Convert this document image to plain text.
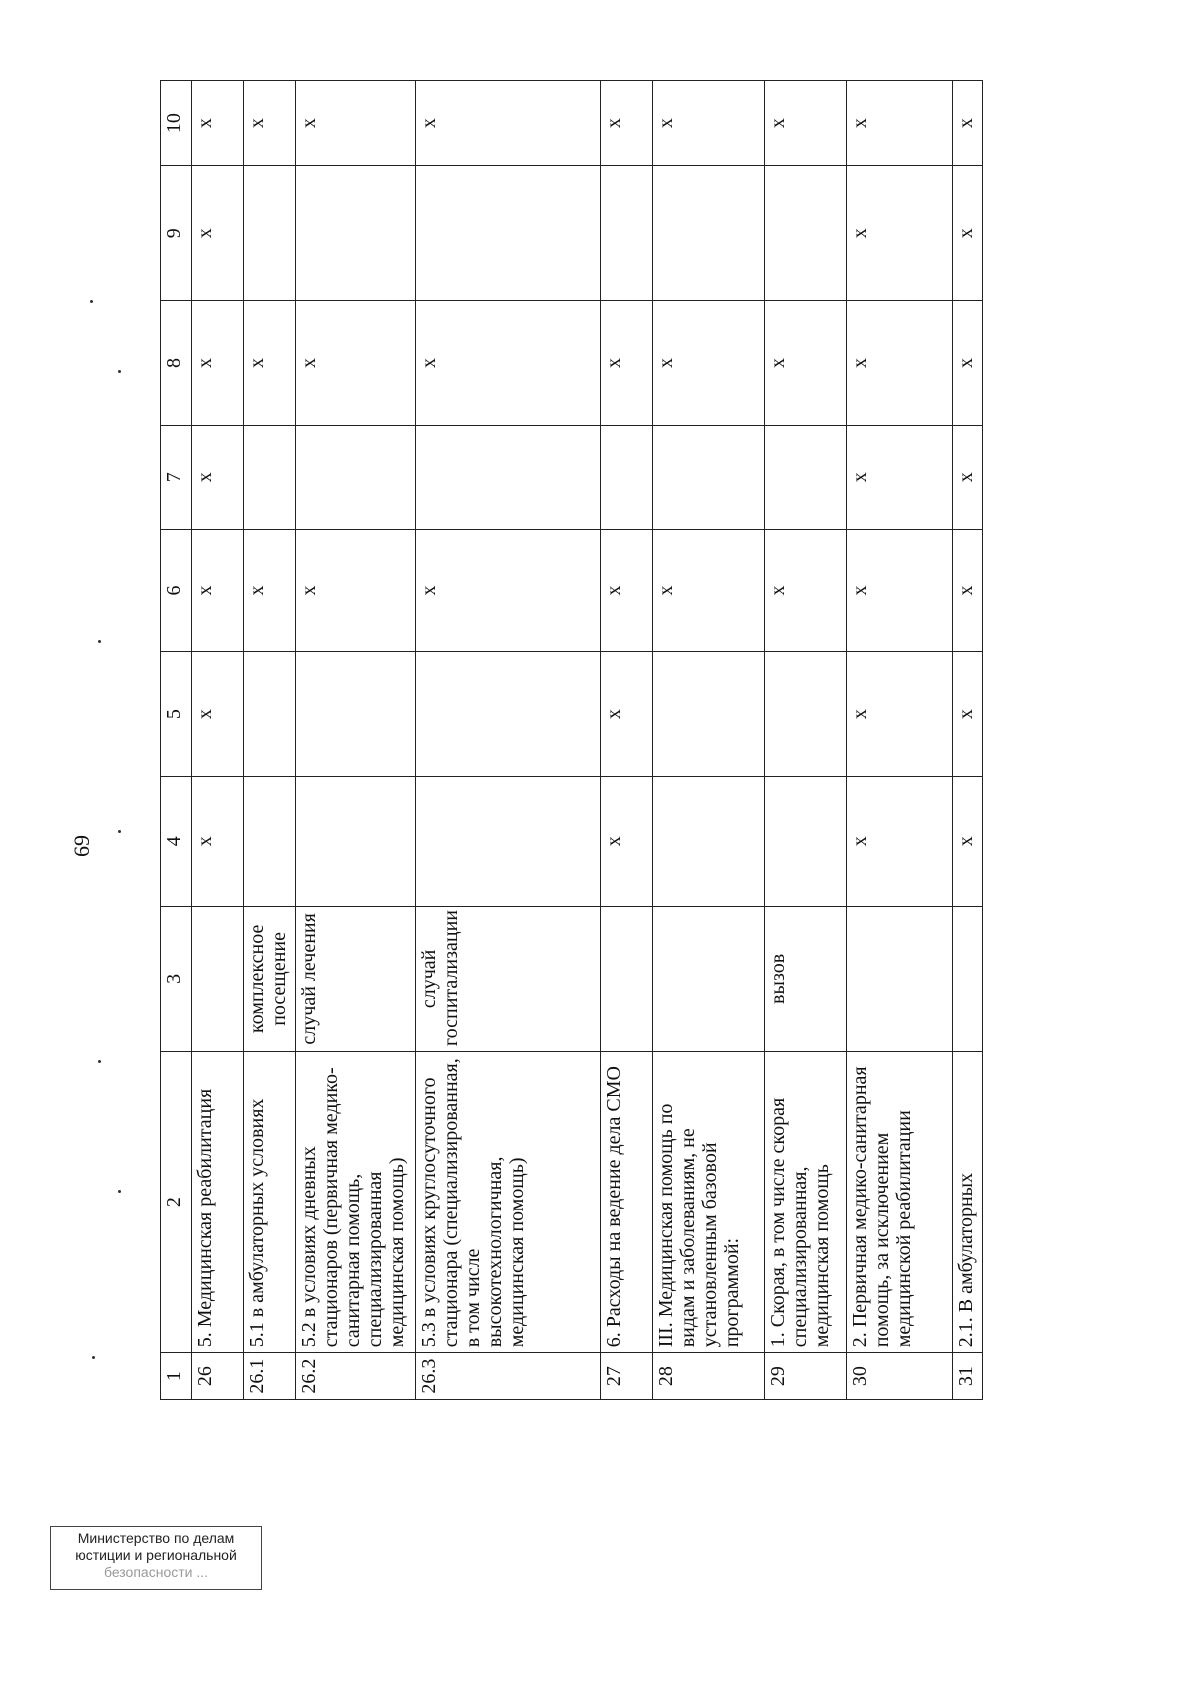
69
1	2	3	4	5	6	7	8	9	10
26	5. Медицинская реабилитация		x	x	x	x	x	x	x
26.1	5.1 в амбулаторных условиях	комплексное посещение			x		x		x
26.2	5.2 в условиях дневных стационаров (первичная медико-санитарная помощь, специализированная медицинская помощь)	случай лечения			x		x		x
26.3	5.3 в условиях круглосуточного стационара (специализированная, в том числе высокотехнологичная, медицинская помощь)	случай госпитализации			x		x		x
27	6. Расходы на ведение дела СМО		x	x	x		x		x
28	III. Медицинская помощь по видам и заболеваниям, не установленным базовой программой:				x		x		x
29	1. Скорая, в том числе скорая специализированная, медицинская помощь	вызов			x		x		x
30	2. Первичная медико-санитарная помощь, за исключением медицинской реабилитации		x	x	x	x	x	x	x
31	2.1. В амбулаторных		x	x	x	x	x	x	x
Министерство по делам
юстиции и региональной
безопасности ...
